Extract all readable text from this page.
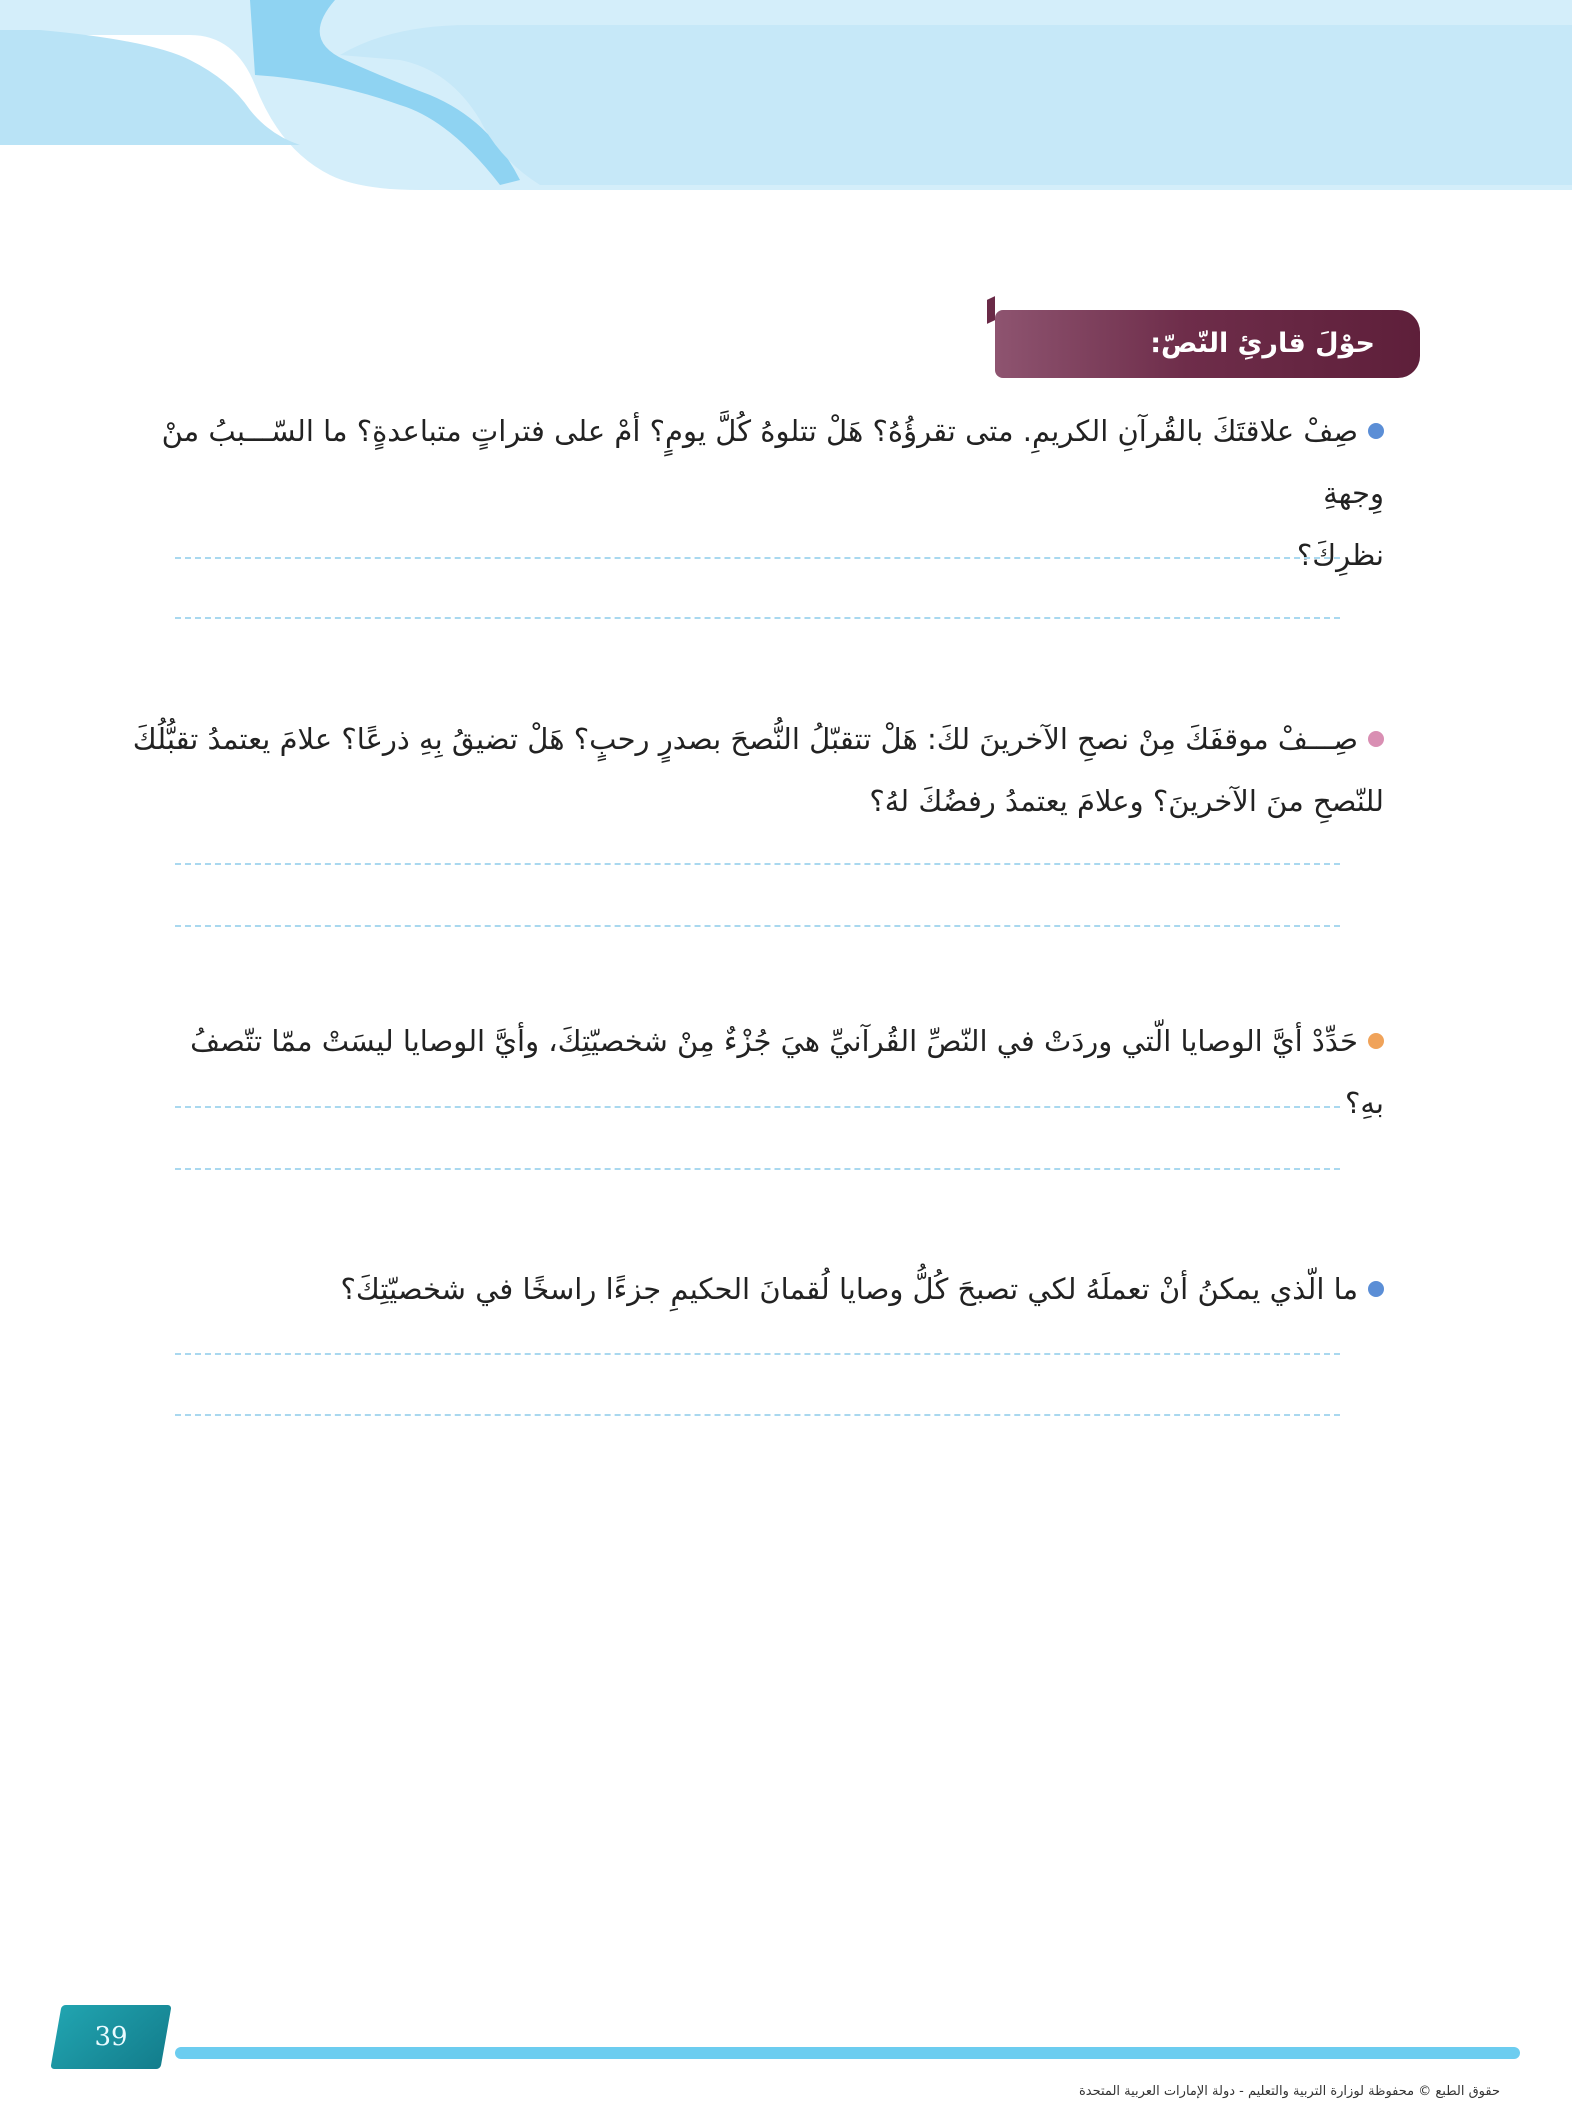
حوْلَ قارئِ النّصّ:
صِفْ علاقتَكَ بالقُرآنِ الكريمِ. متى تقرؤُهُ؟ هَلْ تتلوهُ كُلَّ يومٍ؟ أمْ على فتراتٍ متباعدةٍ؟ ما السّـــببُ منْ وِجهةِ
نظرِكَ؟
صِـــفْ موقفَكَ مِنْ نصحِ الآخرينَ لكَ: هَلْ تتقبّلُ النُّصحَ بصدرٍ رحبٍ؟ هَلْ تضيقُ بِهِ ذرعًا؟ علامَ يعتمدُ تقبُّلُكَ
للنّصحِ منَ الآخرينَ؟ وعلامَ يعتمدُ رفضُكَ لهُ؟
حَدِّدْ أيَّ الوصايا الّتي وردَتْ في النّصِّ القُرآنيِّ هيَ جُزْءٌ مِنْ شخصيّتِكَ، وأيَّ الوصايا ليسَتْ ممّا تتّصفُ بهِ؟
ما الّذي يمكنُ أنْ تعملَهُ لكي تصبحَ كُلُّ وصايا لُقمانَ الحكيمِ جزءًا راسخًا في شخصيّتِكَ؟
39
حقوق الطبع © محفوظة لوزارة التربية والتعليم - دولة الإمارات العربية المتحدة
